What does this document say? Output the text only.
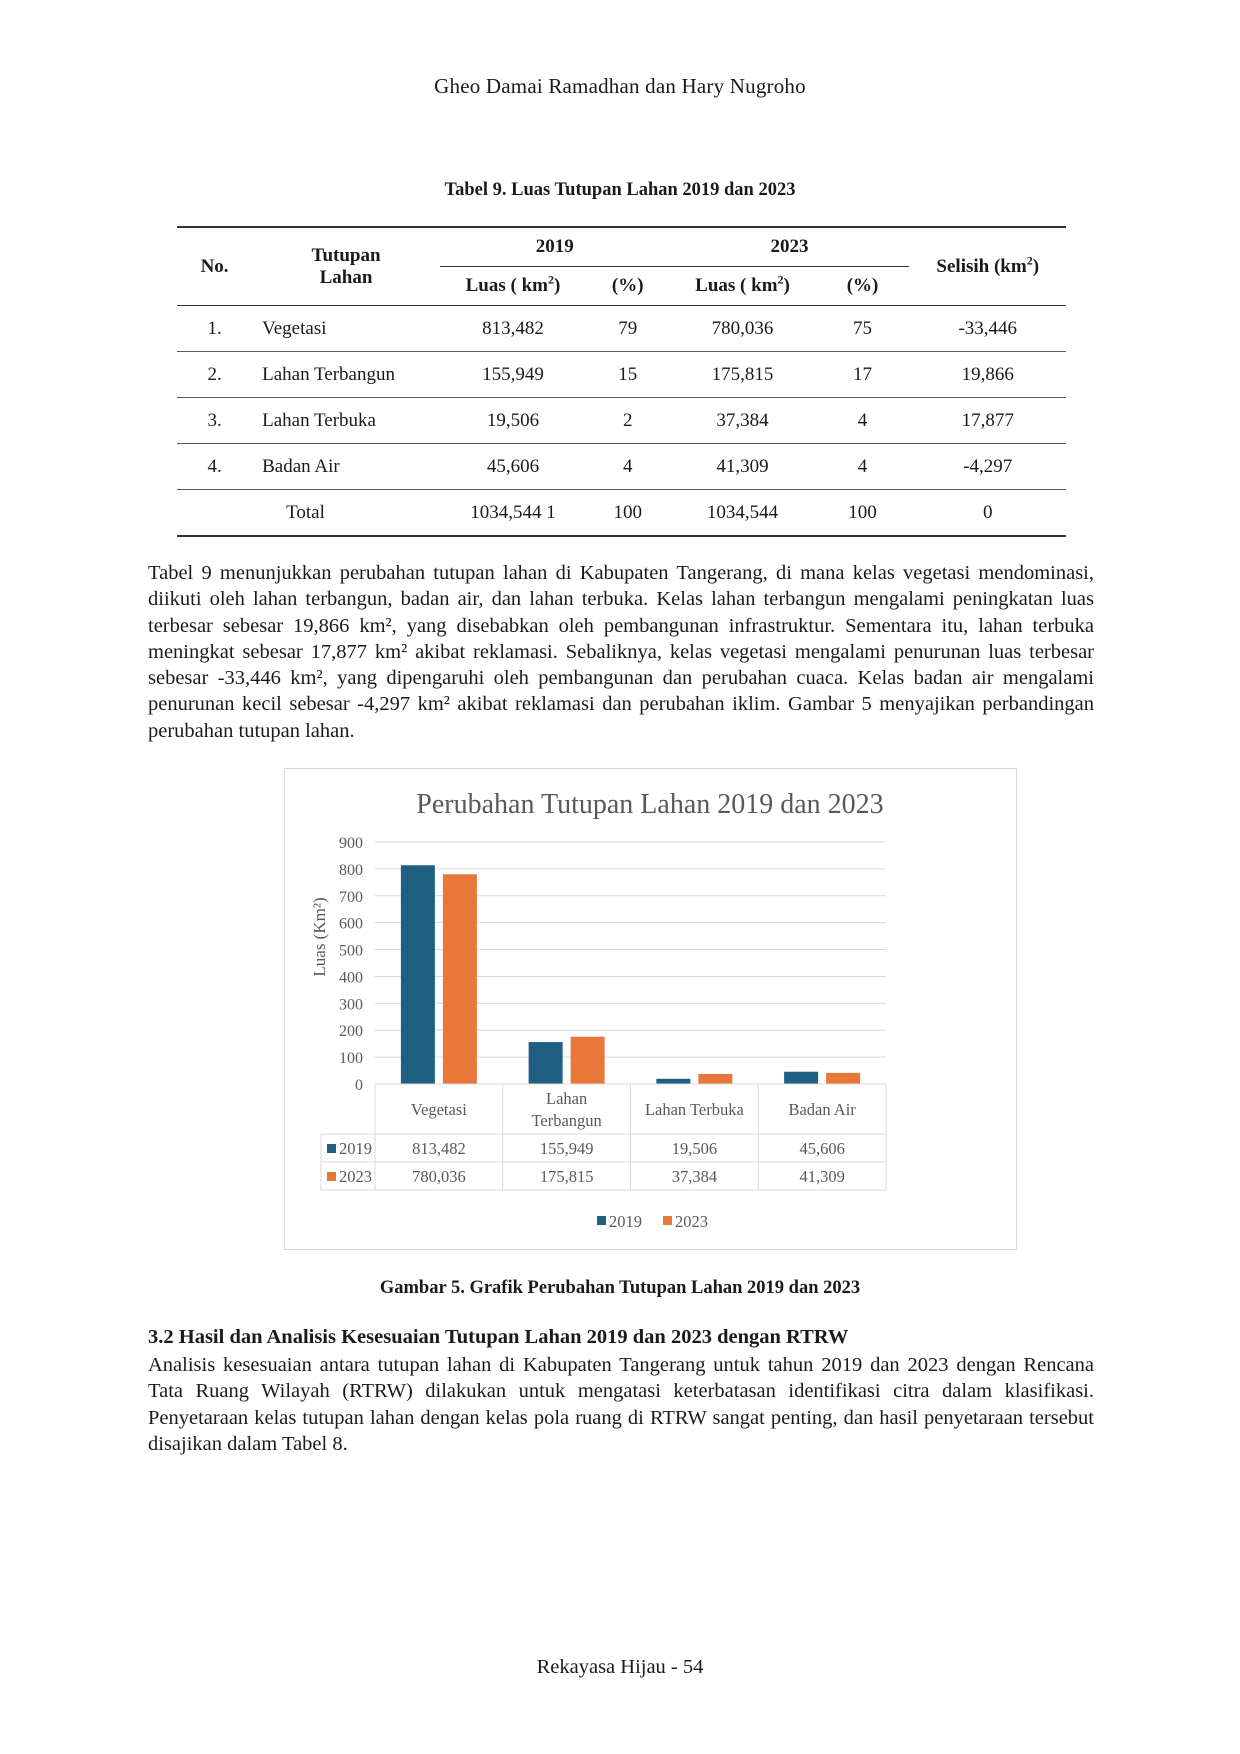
Gheo Damai Ramadhan dan Hary Nugroho
Tabel 9. Luas Tutupan Lahan 2019 dan 2023
No.	Tutupan Lahan	2019		2023		Selisih $(km^2)$
		Luas ( $km^2$)	(%)	Luas ( $km^2$)	(%)	
1.	Vegetasi	813,482	79	780,036	75	-33,446
2.	Lahan Terbangun	155,949	15	175,815	17	19,866
3.	Lahan Terbuka	19,506	2	37,384	4	17,877
4.	Badan Air	45,606	4	41,309	4	-4,297
	Total	1034,544 1	100	1034,544	100	0
Tabel 9 menunjukkan perubahan tutupan lahan di Kabupaten Tangerang, di mana kelas vegetasi mendominasi, diikuti oleh lahan terbangun, badan air, dan lahan terbuka. Kelas lahan terbangun mengalami peningkatan luas terbesar sebesar 19,866 km², yang disebabkan oleh pembangunan infrastruktur. Sementara itu, lahan terbuka meningkat sebesar 17,877 km² akibat reklamasi. Sebaliknya, kelas vegetasi mengalami penurunan luas terbesar sebesar -33,446 km², yang dipengaruhi oleh pembangunan dan perubahan cuaca. Kelas badan air mengalami penurunan kecil sebesar -4,297 km² akibat reklamasi dan perubahan iklim. Gambar 5 menyajikan perbandingan perubahan tutupan lahan.
Perubahan Tutupan Lahan 2019 dan 2023
Luas (Km²)
0
100
200
300
400
500
600
700
800
900
Vegetasi
Lahan Terbangun
Lahan Terbuka	Badan Air
2019 813,482	155,949	19,506	45,606
2023 780,036	175,815	37,384	41,309
2019 2023
Gambar 5. Grafik Perubahan Tutupan Lahan 2019 dan 2023
3.2 Hasil dan Analisis Kesesuaian Tutupan Lahan 2019 dan 2023 dengan RTRW
Analisis kesesuaian antara tutupan lahan di Kabupaten Tangerang untuk tahun 2019 dan 2023 dengan Rencana Tata Ruang Wilayah (RTRW) dilakukan untuk mengatasi keterbatasan identifikasi citra dalam klasifikasi. Penyetaraan kelas tutupan lahan dengan kelas pola ruang di RTRW sangat penting, dan hasil penyetaraan tersebut disajikan dalam Tabel 8.
Rekayasa Hijau - 54
